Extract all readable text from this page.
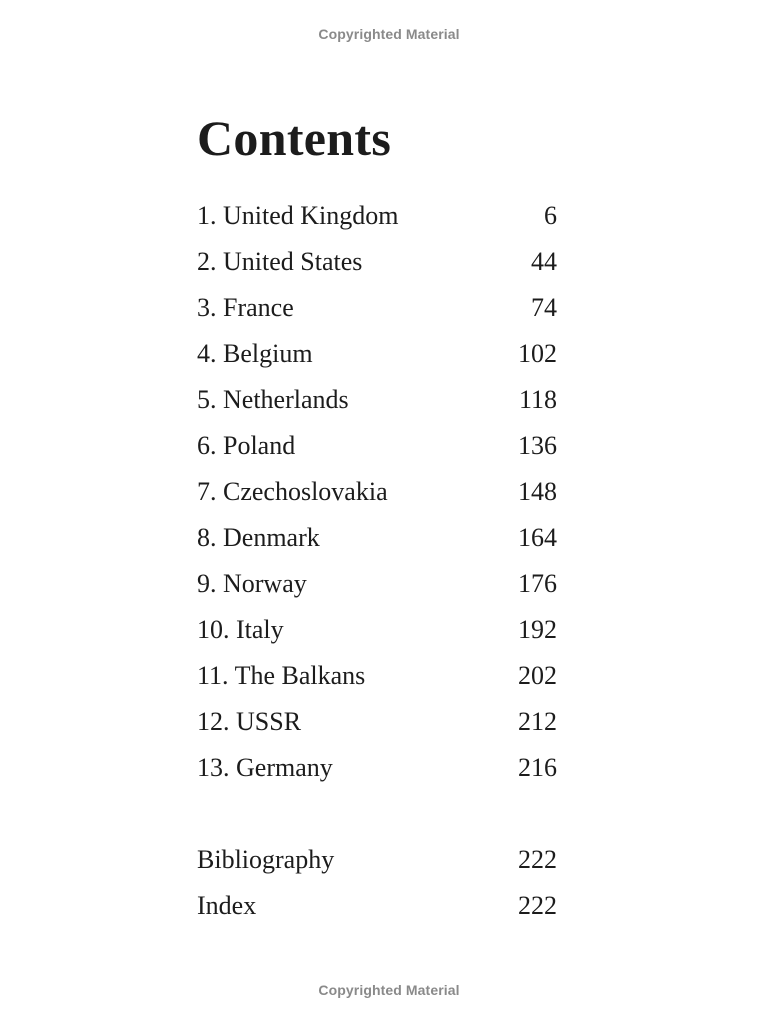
Copyrighted Material
Contents
1. United Kingdom	6
2. United States	44
3. France	74
4. Belgium	102
5. Netherlands	118
6. Poland	136
7. Czechoslovakia	148
8. Denmark	164
9. Norway	176
10. Italy	192
11. The Balkans	202
12. USSR	212
13. Germany	216
Bibliography	222
Index	222
Copyrighted Material
